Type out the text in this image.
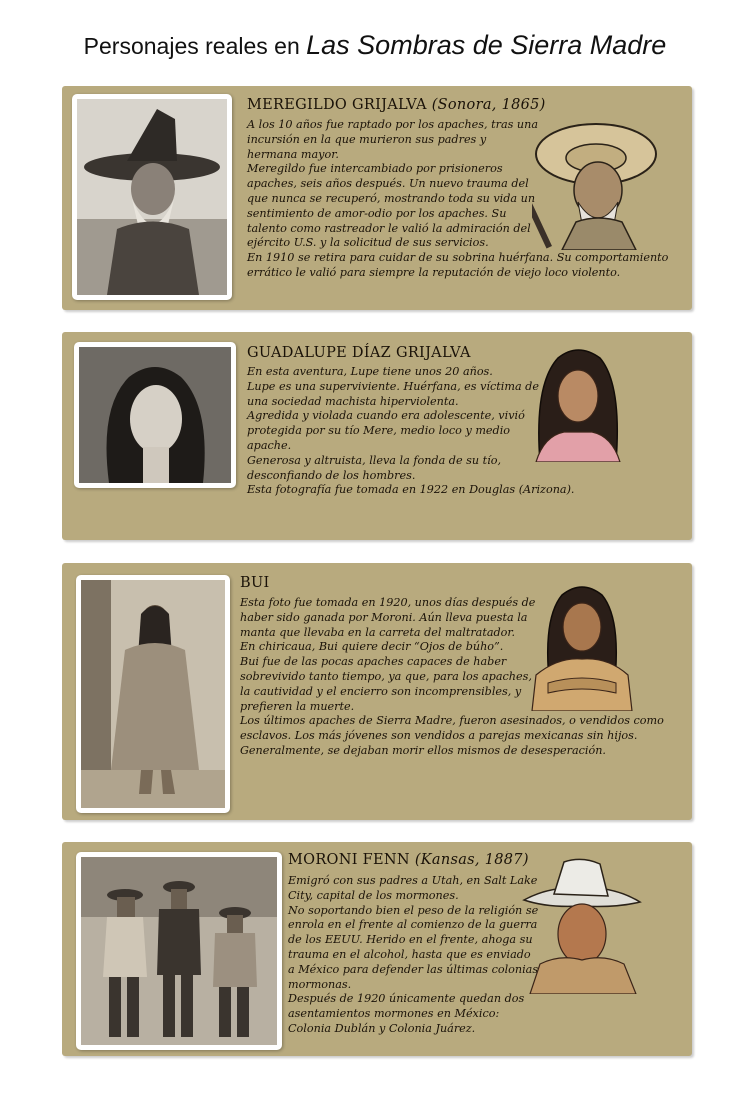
Personajes reales en Las Sombras de Sierra Madre
MEREGILDO GRIJALVA (Sonora, 1865)

A los 10 años fue raptado por los apaches, tras una incursión en la que murieron sus padres y hermana mayor.

Meregildo fue intercambiado por prisioneros apaches, seis años después. Un nuevo trauma del que nunca se recuperó, mostrando toda su vida un sentimiento de amor-odio por los apaches. Su talento como rastreador le valió la admiración del ejército U.S. y la solicitud de sus servicios.

En 1910 se retira para cuidar de su sobrina huérfana. Su comportamiento errático le valió para siempre la reputación de viejo loco violento.

GUADALUPE DÍAZ GRIJALVA

En esta aventura, Lupe tiene unos 20 años.

Lupe es una superviviente. Huérfana, es víctima de una sociedad machista hiperviolenta.

Agredida y violada cuando era adolescente, vivió protegida por su tío Mere, medio loco y medio apache.

Generosa y altruista, lleva la fonda de su tío, desconfiando de los hombres.

Esta fotografía fue tomada en 1922 en Douglas (Arizona).

BUI

Esta foto fue tomada en 1920, unos días después de haber sido ganada por Moroni. Aún lleva puesta la manta que llevaba en la carreta del maltratador.

En chiricaua, Bui quiere decir “Ojos de búho”.

Bui fue de las pocas apaches capaces de haber sobrevivido tanto tiempo, ya que, para los apaches, la cautividad y el encierro son incomprensibles, y prefieren la muerte.

Los últimos apaches de Sierra Madre, fueron asesinados, o vendidos como esclavos. Los más jóvenes son vendidos a parejas mexicanas sin hijos. Generalmente, se dejaban morir ellos mismos de desesperación.

MORONI FENN (Kansas, 1887)

Emigró con sus padres a Utah, en Salt Lake City, capital de los mormones.

No soportando bien el peso de la religión se enrola en el frente al comienzo de la guerra de los EEUU. Herido en el frente, ahoga su trauma en el alcohol, hasta que es enviado a México para defender las últimas colonias mormonas.

Después de 1920 únicamente quedan dos asentamientos mormones en México: Colonia Dublán y Colonia Juárez.
